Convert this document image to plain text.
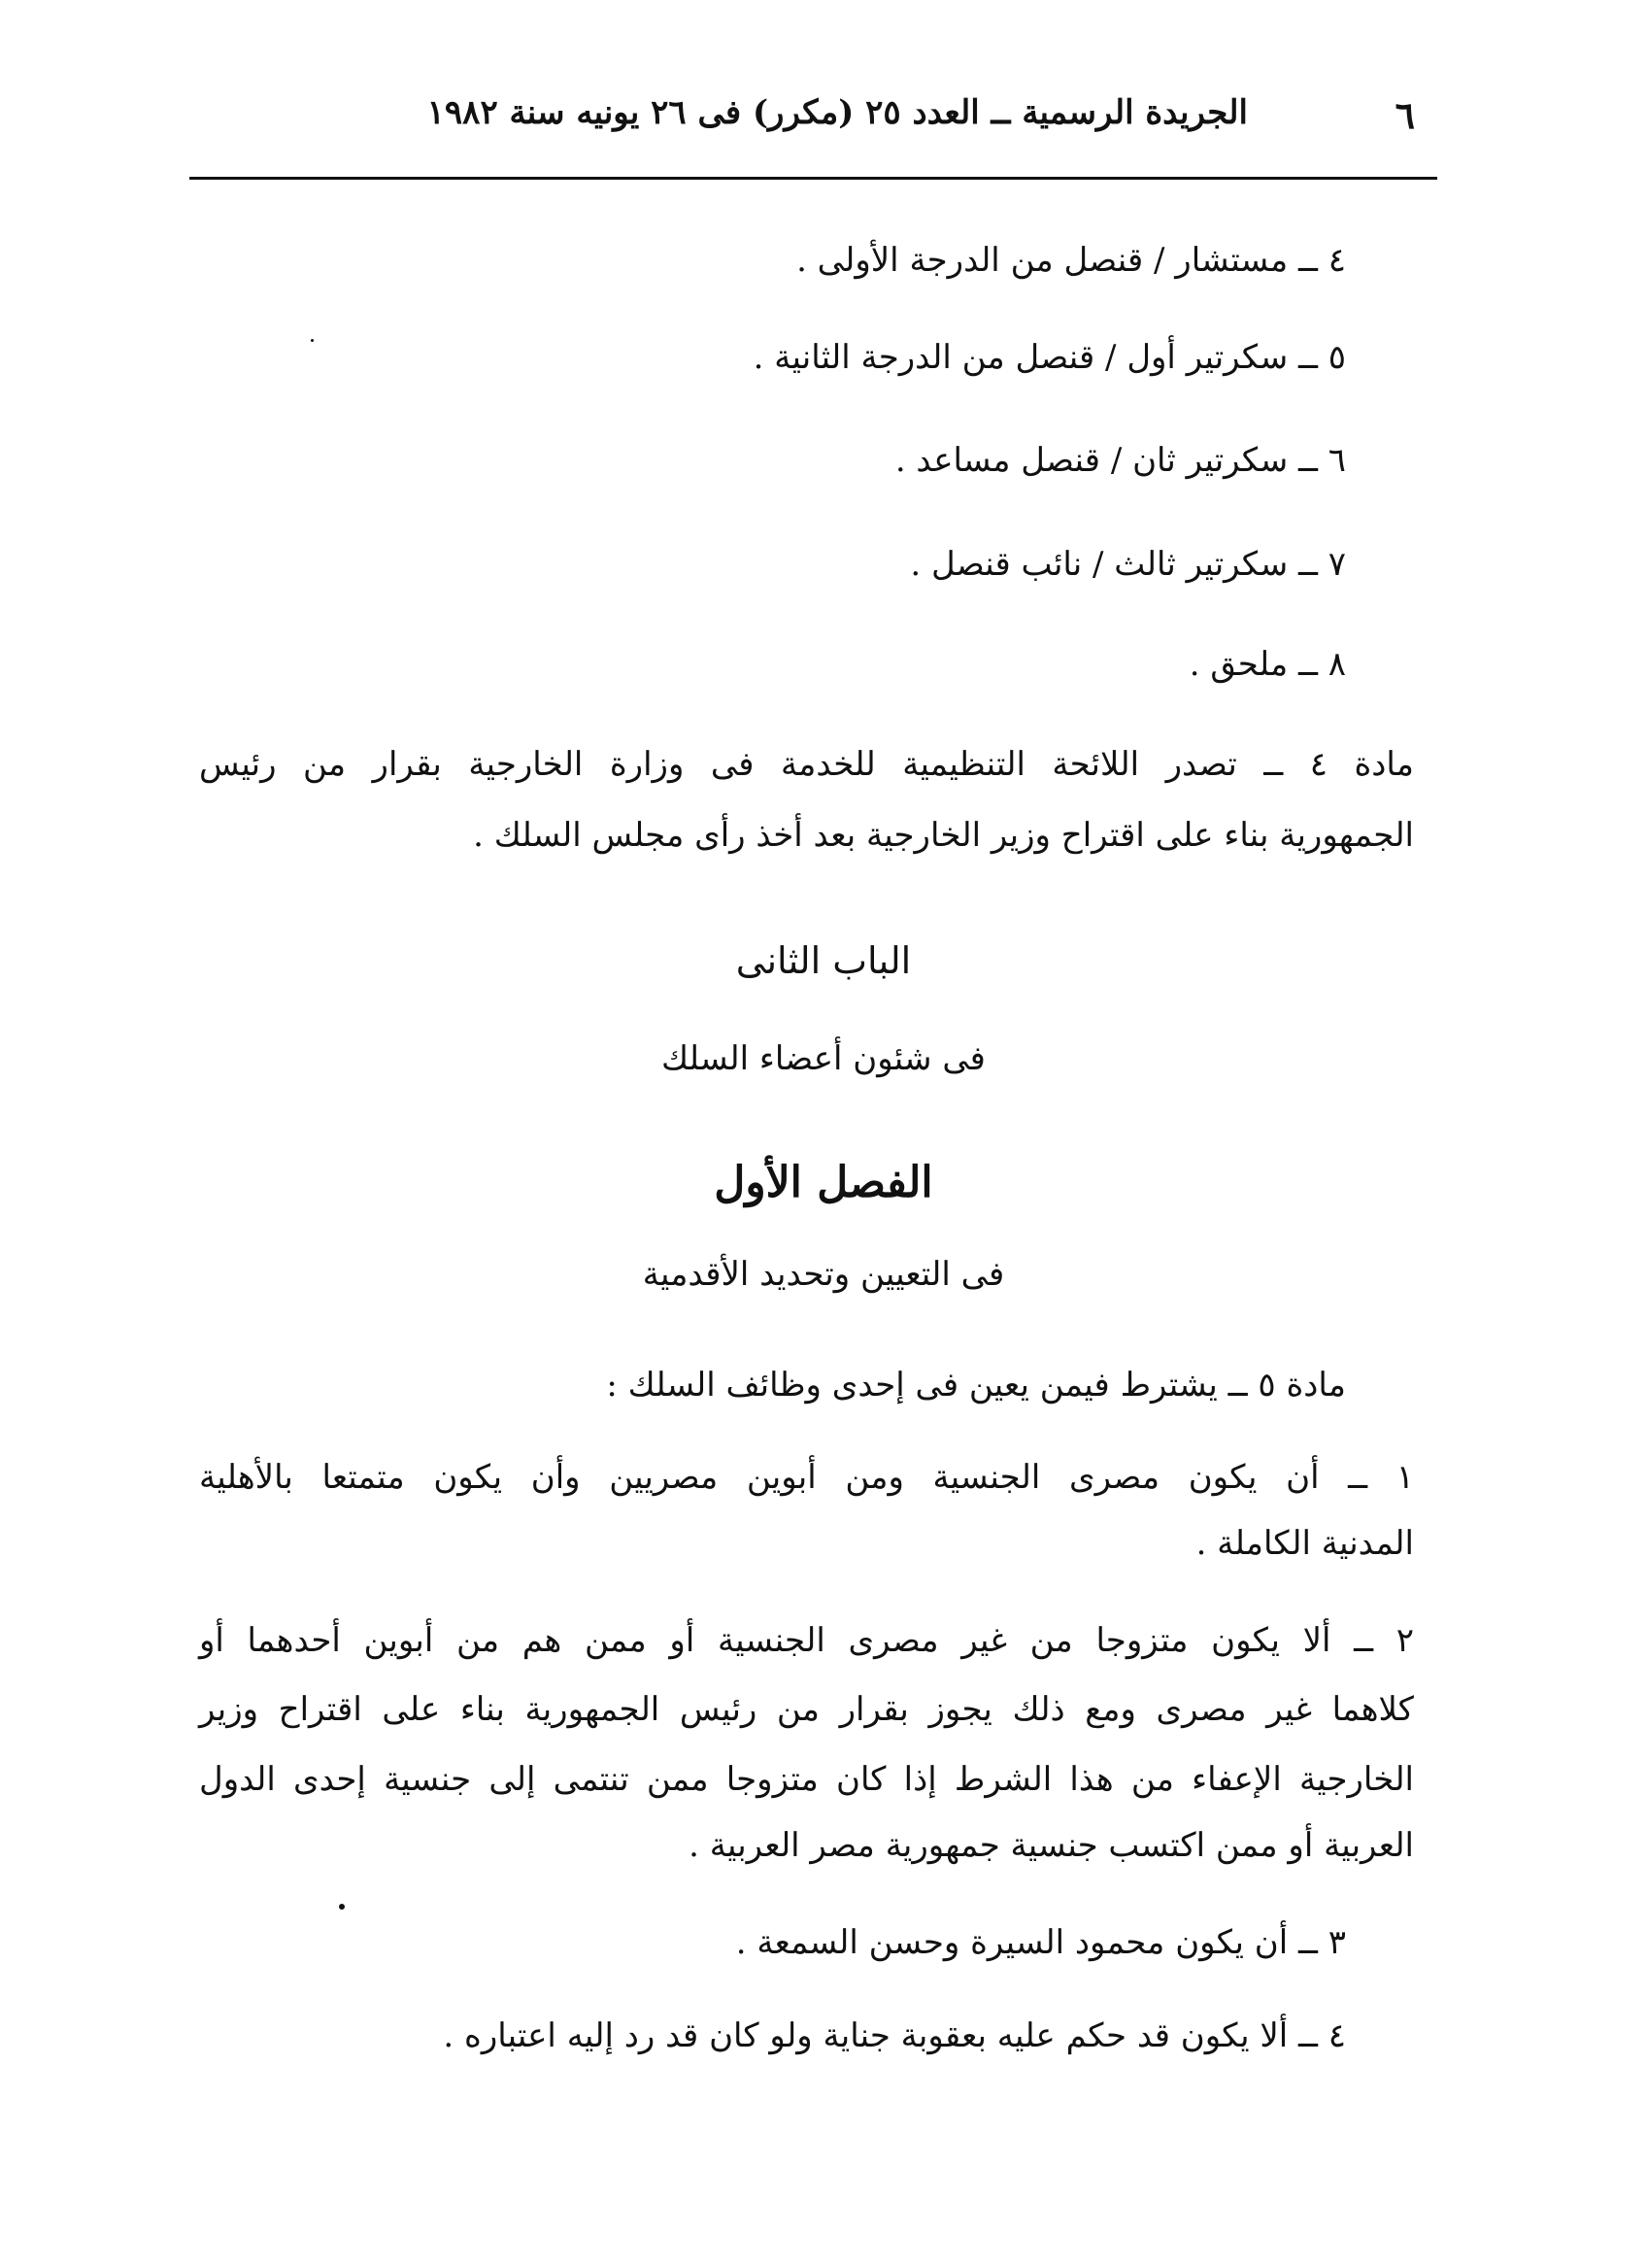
٦
الجريدة الرسمية ــ العدد ٢٥ (مكرر) فى ٢٦ يونيه سنة ١٩٨٢
٤ ــ مستشار / قنصل من الدرجة الأولى .
٥ ــ سكرتير أول / قنصل من الدرجة الثانية .
٦ ــ سكرتير ثان / قنصل مساعد .
٧ ــ سكرتير ثالث / نائب قنصل .
٨ ــ ملحق .
مادة ٤ ــ تصدر اللائحة التنظيمية للخدمة فى وزارة الخارجية بقرار من رئيس
الجمهورية بناء على اقتراح وزير الخارجية بعد أخذ رأى مجلس السلك .
الباب الثانى
فى شئون أعضاء السلك
الفصل الأول
فى التعيين وتحديد الأقدمية
مادة ٥ ــ يشترط فيمن يعين فى إحدى وظائف السلك :
١ ــ أن يكون مصرى الجنسية ومن أبوين مصريين وأن يكون متمتعا بالأهلية
المدنية الكاملة .
٢ ــ ألا يكون متزوجا من غير مصرى الجنسية أو ممن هم من أبوين أحدهما أو
كلاهما غير مصرى ومع ذلك يجوز بقرار من رئيس الجمهورية بناء على اقتراح وزير
الخارجية الإعفاء من هذا الشرط إذا كان متزوجا ممن تنتمى إلى جنسية إحدى الدول
العربية أو ممن اكتسب جنسية جمهورية مصر العربية .
٣ ــ أن يكون محمود السيرة وحسن السمعة .
٤ ــ ألا يكون قد حكم عليه بعقوبة جناية ولو كان قد رد إليه اعتباره .
